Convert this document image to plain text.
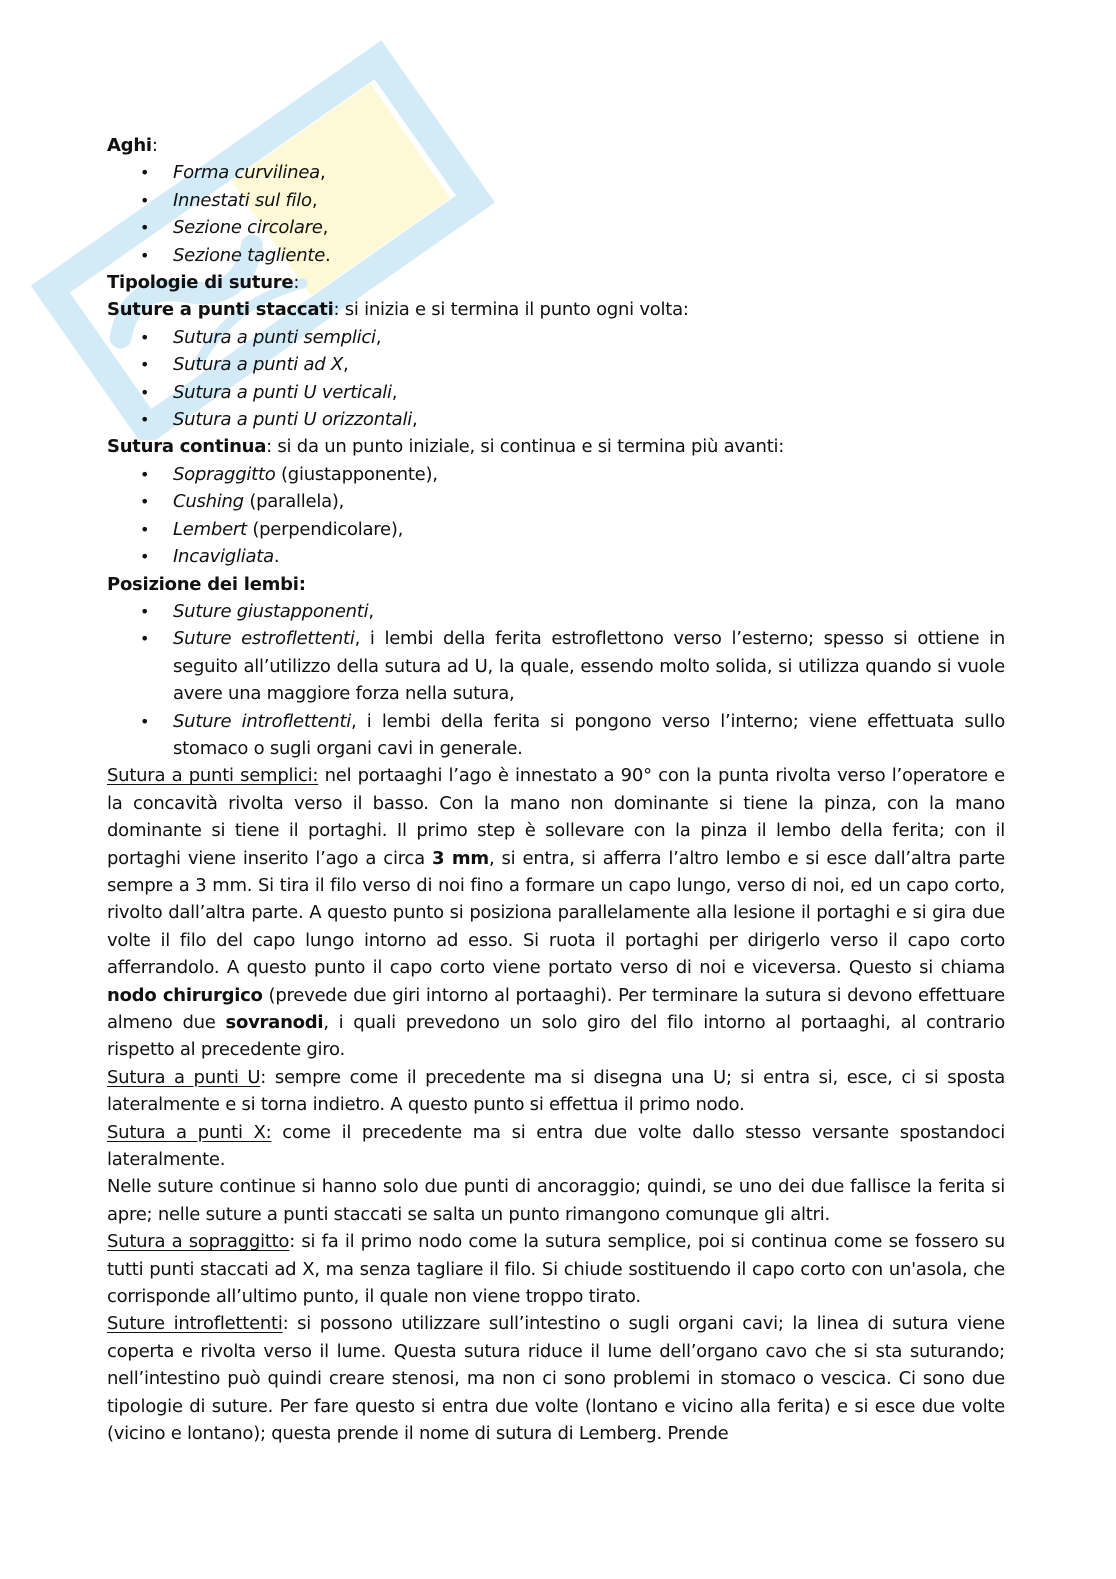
Aghi:

• Forma curvilinea,
• Innestati sul filo,
• Sezione circolare,
• Sezione tagliente.

Tipologie di suture:

Suture a punti staccati: si inizia e si termina il punto ogni volta:

• Sutura a punti semplici,
• Sutura a punti ad X,
• Sutura a punti U verticali,
• Sutura a punti U orizzontali,

Sutura continua: si da un punto iniziale, si continua e si termina più avanti:

• Sopraggitto (giustapponente),
• Cushing (parallela),
• Lembert (perpendicolare),
• Incavigliata.

Posizione dei lembi:

• Suture giustapponenti,
• Suture estroflettenti, i lembi della ferita estroflettono verso l’esterno; spesso si ottiene in seguito all’utilizzo della sutura ad U, la quale, essendo molto solida, si utilizza quando si vuole avere una maggiore forza nella sutura,
• Suture introflettenti, i lembi della ferita si pongono verso l’interno; viene effettuata sullo stomaco o sugli organi cavi in generale.

Sutura a punti semplici: nel portaaghi l’ago è innestato a 90° con la punta rivolta verso l’operatore e la concavità rivolta verso il basso. Con la mano non dominante si tiene la pinza, con la mano dominante si tiene il portaghi. Il primo step è sollevare con la pinza il lembo della ferita; con il portaghi viene inserito l’ago a circa 3 mm, si entra, si afferra l’altro lembo e si esce dall’altra parte sempre a 3 mm. Si tira il filo verso di noi fino a formare un capo lungo, verso di noi, ed un capo corto, rivolto dall’altra parte. A questo punto si posiziona parallelamente alla lesione il portaghi e si gira due volte il filo del capo lungo intorno ad esso. Si ruota il portaghi per dirigerlo verso il capo corto afferrandolo. A questo punto il capo corto viene portato verso di noi e viceversa. Questo si chiama nodo chirurgico (prevede due giri intorno al portaaghi). Per terminare la sutura si devono effettuare almeno due sovranodi, i quali prevedono un solo giro del filo intorno al portaaghi, al contrario rispetto al precedente giro.

Sutura a punti U: sempre come il precedente ma si disegna una U; si entra si, esce, ci si sposta lateralmente e si torna indietro. A questo punto si effettua il primo nodo.

Sutura a punti X: come il precedente ma si entra due volte dallo stesso versante spostandoci lateralmente.

Nelle suture continue si hanno solo due punti di ancoraggio; quindi, se uno dei due fallisce la ferita si apre; nelle suture a punti staccati se salta un punto rimangono comunque gli altri.

Sutura a sopraggitto: si fa il primo nodo come la sutura semplice, poi si continua come se fossero su tutti punti staccati ad X, ma senza tagliare il filo. Si chiude sostituendo il capo corto con un'asola, che corrisponde all’ultimo punto, il quale non viene troppo tirato.

Suture introflettenti: si possono utilizzare sull’intestino o sugli organi cavi; la linea di sutura viene coperta e rivolta verso il lume. Questa sutura riduce il lume dell’organo cavo che si sta suturando; nell’intestino può quindi creare stenosi, ma non ci sono problemi in stomaco o vescica. Ci sono due tipologie di suture. Per fare questo si entra due volte (lontano e vicino alla ferita) e si esce due volte (vicino e lontano); questa prende il nome di sutura di Lemberg. Prende
